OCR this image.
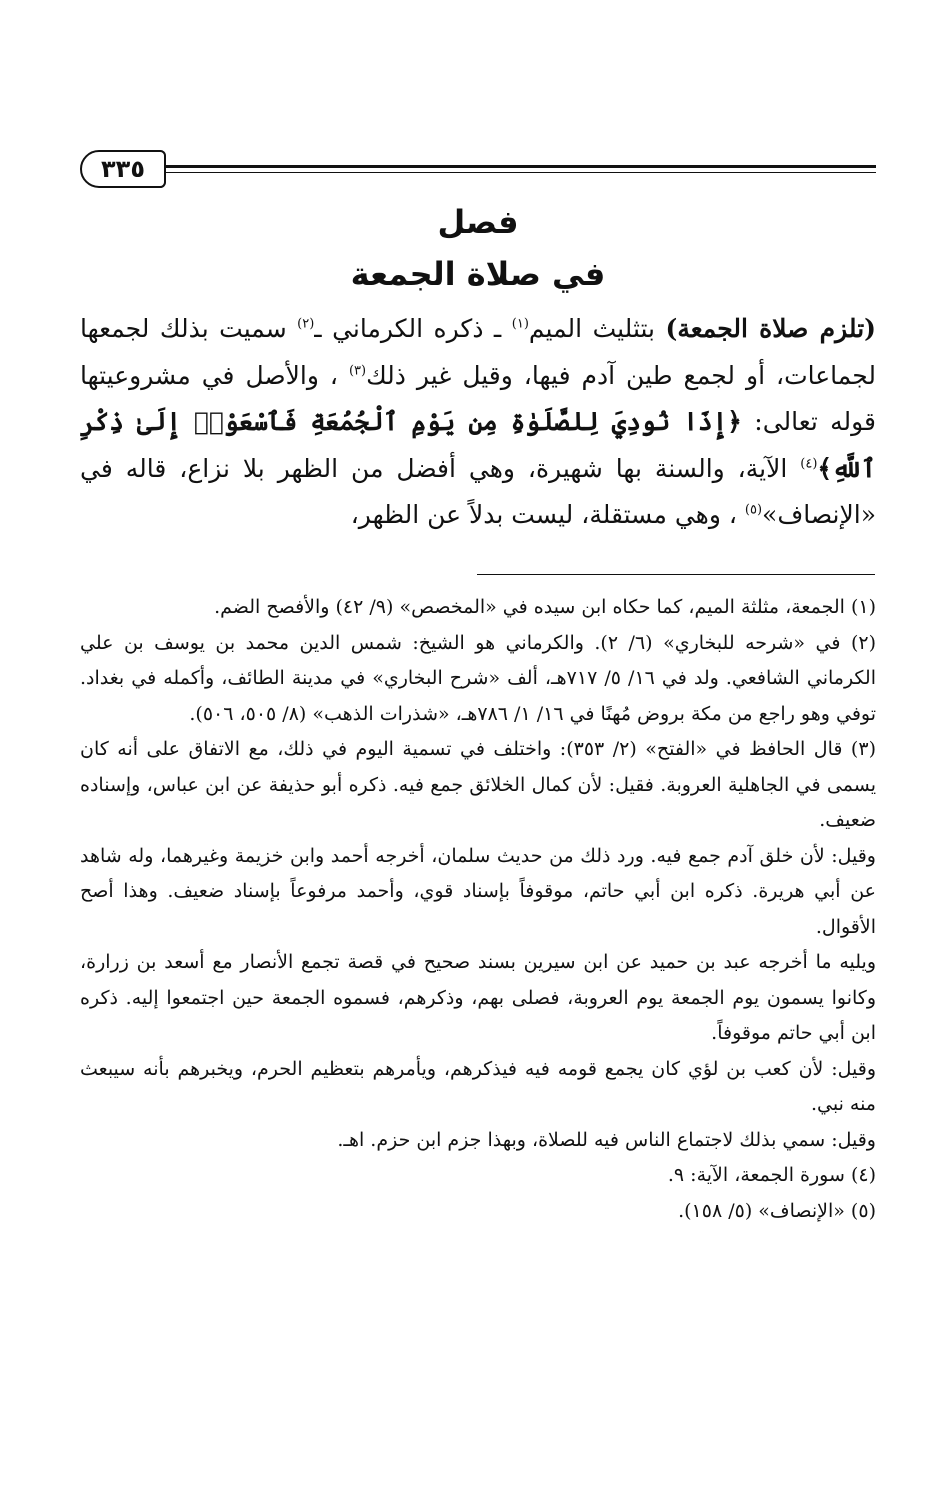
٣٣٥
فصل
في صلاة الجمعة

(تلزم صلاة الجمعة) بتثليث الميم$^{(١)}$ ـ ذكره الكرماني ـ$^{(٢)}$ سميت بذلك لجمعها لجماعات، أو لجمع طين آدم فيها، وقيل غير ذلك$^{(٣)}$ ، والأصل في مشروعيتها قوله تعالى: ﴿إِذَا نُودِيَ لِلصَّلَوٰةِ مِن يَوْمِ ٱلْجُمُعَةِ فَٱسْعَوْا۟ إِلَىٰ ذِكْرِ ٱللَّهِ﴾$^{(٤)}$ الآية، والسنة بها شهيرة، وهي أفضل من الظهر بلا نزاع، قاله في «الإنصاف»$^{(٥)}$ ، وهي مستقلة، ليست بدلاً عن الظهر،

(١) الجمعة، مثلثة الميم، كما حكاه ابن سيده في «المخصص» (٩/ ٤٢) والأفصح الضم.

(٢) في «شرحه للبخاري» (٦/ ٢). والكرماني هو الشيخ: شمس الدين محمد بن يوسف بن علي الكرماني الشافعي. ولد في ١٦/ ٥/ ٧١٧هـ، ألف «شرح البخاري» في مدينة الطائف، وأكمله في بغداد. توفي وهو راجع من مكة بروض مُهنًا في ١٦/ ١/ ٧٨٦هـ، «شذرات الذهب» (٨/ ٥٠٥، ٥٠٦).

(٣) قال الحافظ في «الفتح» (٢/ ٣٥٣): واختلف في تسمية اليوم في ذلك، مع الاتفاق على أنه كان يسمى في الجاهلية العروبة. فقيل: لأن كمال الخلائق جمع فيه. ذكره أبو حذيفة عن ابن عباس، وإسناده ضعيف.

وقيل: لأن خلق آدم جمع فيه. ورد ذلك من حديث سلمان، أخرجه أحمد وابن خزيمة وغيرهما، وله شاهد عن أبي هريرة. ذكره ابن أبي حاتم، موقوفاً بإسناد قوي، وأحمد مرفوعاً بإسناد ضعيف. وهذا أصح الأقوال.

ويليه ما أخرجه عبد بن حميد عن ابن سيرين بسند صحيح في قصة تجمع الأنصار مع أسعد بن زرارة، وكانوا يسمون يوم الجمعة يوم العروبة، فصلى بهم، وذكرهم، فسموه الجمعة حين اجتمعوا إليه. ذكره ابن أبي حاتم موقوفاً.

وقيل: لأن كعب بن لؤي كان يجمع قومه فيه فيذكرهم، ويأمرهم بتعظيم الحرم، ويخبرهم بأنه سيبعث منه نبي.

وقيل: سمي بذلك لاجتماع الناس فيه للصلاة، وبهذا جزم ابن حزم. اهـ.

(٤) سورة الجمعة، الآية: ٩.

(٥) «الإنصاف» (٥/ ١٥٨).
